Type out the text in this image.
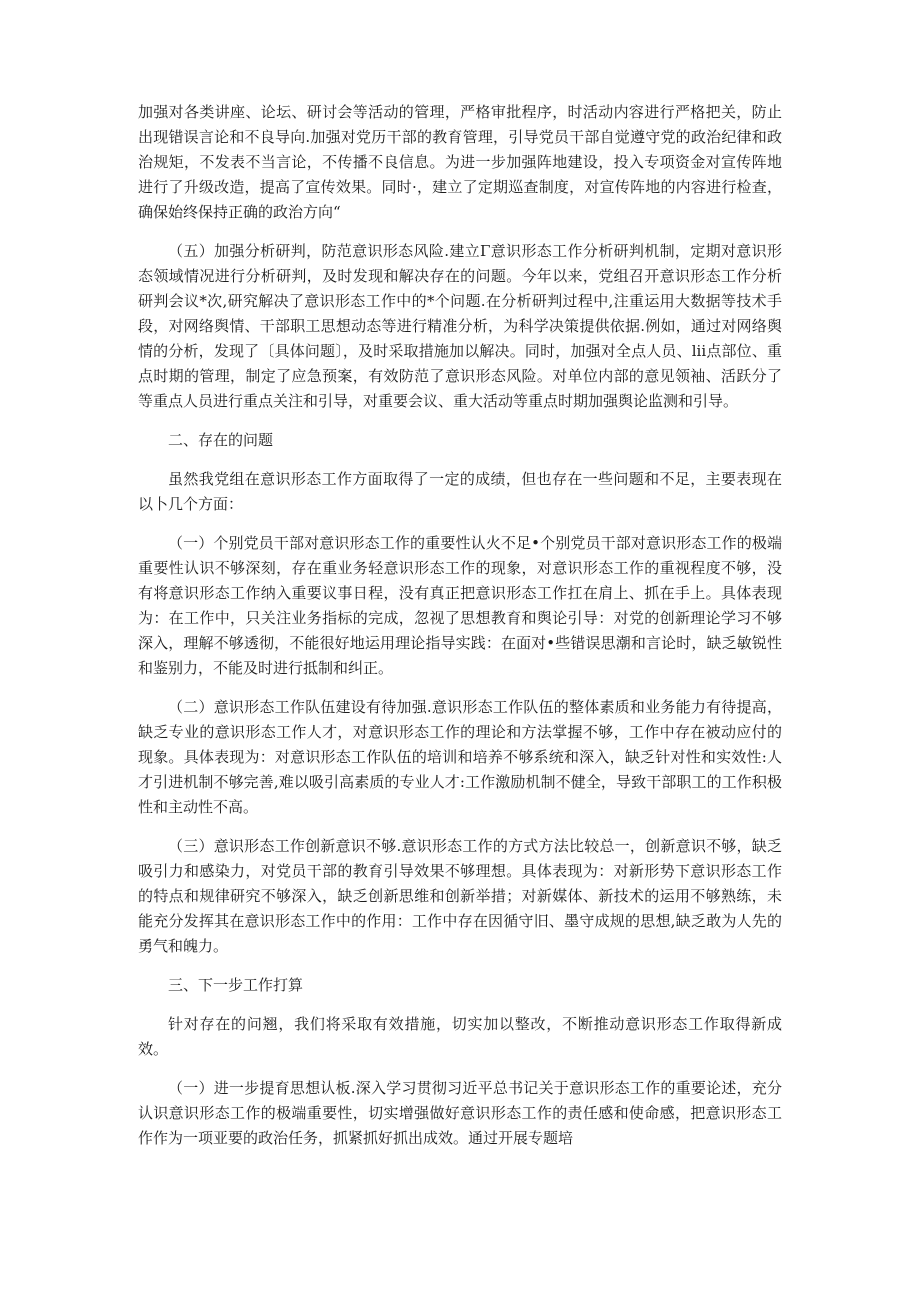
加强对各类讲座、论坛、研讨会等活动的管理，严格审批程序，时活动内容进行严格把关，防止出现错误言论和不良导向.加强对党历干部的教育管理，引导党员干部自觉遵守党的政治纪律和政治规矩，不发表不当言论，不传播不良信息。为进一步加强阵地建设，投入专项资金对宣传阵地进行了升级改造，提高了宣传效果。同时·，建立了定期巡查制度，对宣传阵地的内容进行检查，确保始终保持正确的政治方向“

（五）加强分析研判，防范意识形态风险.建立Γ意识形态工作分析研判机制，定期对意识形态领域情况进行分析研判，及时发现和解决存在的问题。今年以来，党组召开意识形态工作分析研判会议*次,研究解决了意识形态工作中的*个问题.在分析研判过程中,注重运用大数据等技术手段，对网络舆情、干部职工思想动态等进行精准分析，为科学决策提供依据.例如，通过对网络舆情的分析，发现了〔具体问题〕，及时采取措施加以解决。同时，加强对全点人员、lii点部位、重点时期的管理，制定了应急预案，有效防范了意识形态风险。对单位内部的意见领袖、活跃分了等重点人员进行重点关注和引导，对重要会议、重大活动等重点时期加强舆论监测和引导。

二、存在的问题

虽然我党组在意识形态工作方面取得了一定的成绩，但也存在一些问题和不足，主要表现在以卜几个方面：

（一）个别党员干部对意识形态工作的重要性认火不足•个别党员干部对意识形态工作的极端重要性认识不够深刻，存在重业务轻意识形态工作的现象，对意识形态工作的重视程度不够，没有将意识形态工作纳入重要议事日程，没有真正把意识形态工作扛在肩上、抓在手上。具体表现为：在工作中，只关注业务指标的完成，忽视了思想教育和舆论引导：对党的创新理论学习不够深入，理解不够透彻，不能很好地运用理论指导实践：在面对•些错误思潮和言论时，缺乏敏锐性和鉴别力，不能及时进行抵制和纠正。

（二）意识形态工作队伍建设有待加强.意识形态工作队伍的整体素质和业务能力有待提高，缺乏专业的意识形态工作人才，对意识形态工作的理论和方法掌握不够，工作中存在被动应付的现象。具体表现为：对意识形态工作队伍的培训和培养不够系统和深入，缺乏针对性和实效性:人才引进机制不够完善,难以吸引高素质的专业人才:工作激励机制不健全，导致干部职工的工作积极性和主动性不高。

（三）意识形态工作创新意识不够.意识形态工作的方式方法比较总一，创新意识不够，缺乏吸引力和感染力，对党员干部的教育引导效果不够理想。具体表现为：对新形势下意识形态工作的特点和规律研究不够深入，缺乏创新思维和创新举措；对新媒体、新技术的运用不够熟练，未能充分发挥其在意识形态工作中的作用：工作中存在因循守旧、墨守成规的思想,缺乏敢为人先的勇气和魄力。

三、下一步工作打算

针对存在的问翘，我们将采取有效措施，切实加以整改，不断推动意识形态工作取得新成效。

（一）进一步提育思想认板.深入学习贯彻习近平总书记关于意识形态工作的重要论述，充分认识意识形态工作的极端重要性，切实增强做好意识形态工作的责任感和使命感，把意识形态工作作为一项亚要的政治任务，抓紧抓好抓出成效。通过开展专题培
